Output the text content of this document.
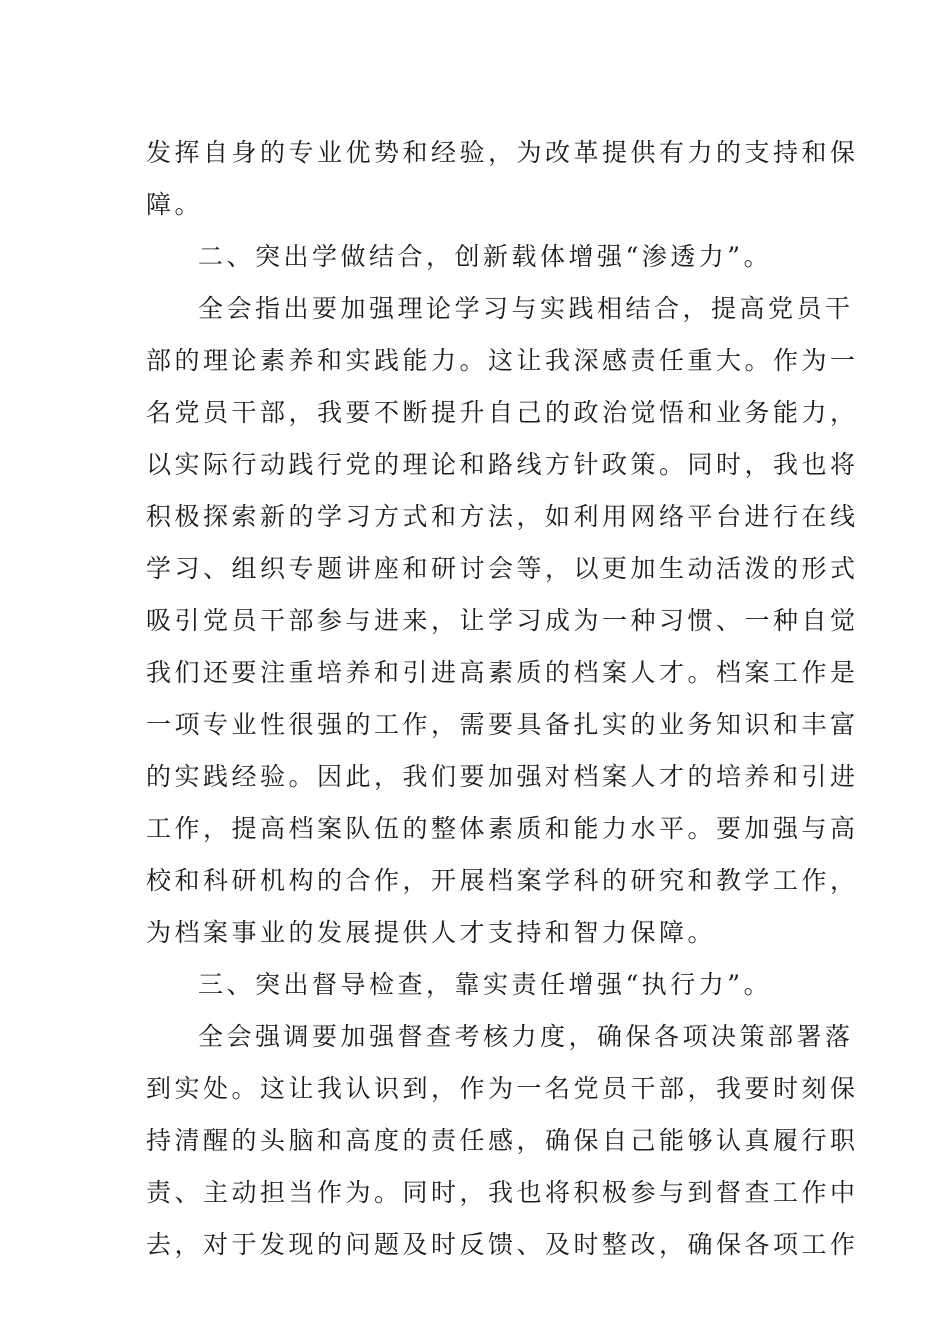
发挥自身的专业优势和经验，为改革提供有力的支持和保
障。
二、突出学做结合，创新载体增强“渗透力”。
全会指出要加强理论学习与实践相结合，提高党员干
部的理论素养和实践能力。这让我深感责任重大。作为一
名党员干部，我要不断提升自己的政治觉悟和业务能力，
以实际行动践行党的理论和路线方针政策。同时，我也将
积极探索新的学习方式和方法，如利用网络平台进行在线
学习、组织专题讲座和研讨会等，以更加生动活泼的形式
吸引党员干部参与进来，让学习成为一种习惯、一种自觉
我们还要注重培养和引进高素质的档案人才。档案工作是
一项专业性很强的工作，需要具备扎实的业务知识和丰富
的实践经验。因此，我们要加强对档案人才的培养和引进
工作，提高档案队伍的整体素质和能力水平。要加强与高
校和科研机构的合作，开展档案学科的研究和教学工作，
为档案事业的发展提供人才支持和智力保障。
三、突出督导检查，靠实责任增强“执行力”。
全会强调要加强督查考核力度，确保各项决策部署落
到实处。这让我认识到，作为一名党员干部，我要时刻保
持清醒的头脑和高度的责任感，确保自己能够认真履行职
责、主动担当作为。同时，我也将积极参与到督查工作中
去，对于发现的问题及时反馈、及时整改，确保各项工作
